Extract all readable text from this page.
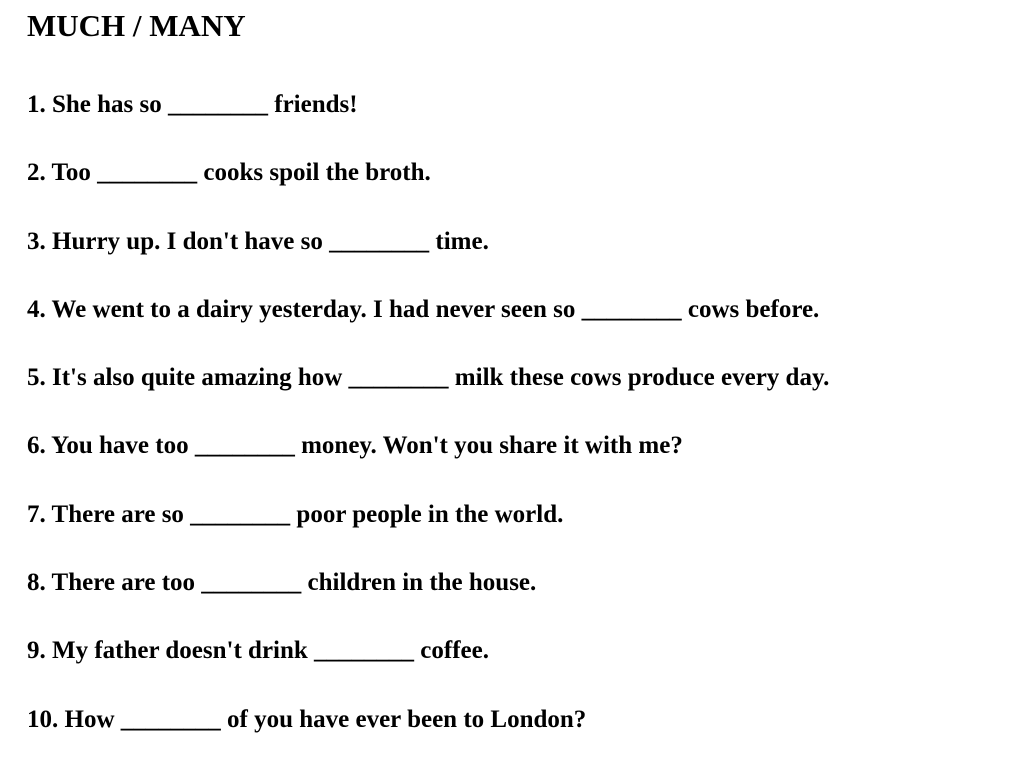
MUCH / MANY
1. She has so ________ friends!
2. Too ________ cooks spoil the broth.
3. Hurry up. I don't have so ________ time.
4. We went to a dairy yesterday. I had never seen so ________ cows before.
5. It's also quite amazing how ________ milk these cows produce every day.
6. You have too ________ money. Won't you share it with me?
7. There are so ________ poor people in the world.
8. There are too ________ children in the house.
9. My father doesn't drink ________ coffee.
10. How ________ of you have ever been to London?
